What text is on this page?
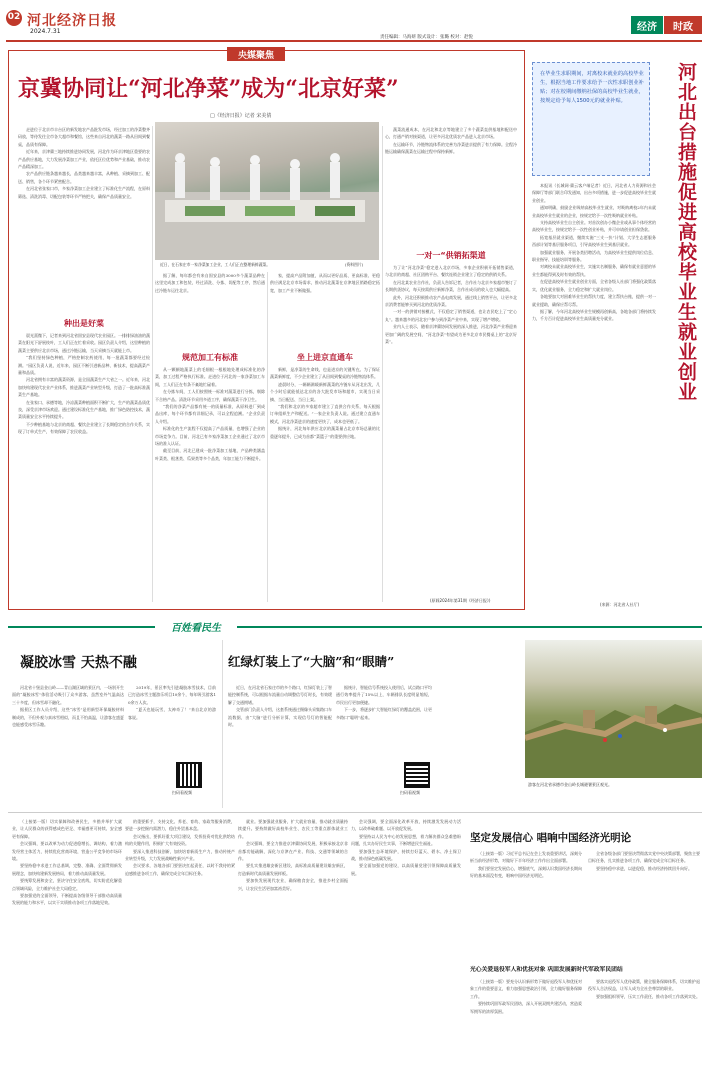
02 河北经济日报
2024.7.31
责任编辑：马海妍 版式设计：张璐 校对：赵悦
经济	时政
央媒聚焦
京冀协同让“河北净菜”成为“北京好菜”
□《经济日报》记者 宋美倩
近日，在石家庄市一家净菜加工企业，工人们正在整理新鲜蔬菜。	(资料图片)

走进位于北京市丰台区的新发地农产品批发市场，经过加工的净菜整齐码放，等待发往全市各大超市和餐馆，这些来自河北的蔬菜一路从田间到餐桌，品质有保障。

近年来，京津冀三地持续推进协同发展，河北作为环京津地区重要的农产品供应基地，大力发展净菜加工产业，依托区位优势和产业基础，推动农产品精深加工。

农产品供应链条越来越长，品类越来越丰富，从种植、采摘到加工、配送、销售，各个环节紧密配合。

在河北省张家口市，多家净菜加工企业建立了标准化生产流程，在原料筛选、清洗消毒、切配包装等环节严格把关，确保产品质量安全。

种出是好菜

晨光熹微下，记者来到河北省固安县现代农业园区。一排排绿油油的蔬菜在阳光下舒展枝叶，工人们正在忙着采收。园区负责人介绍，这里种植的蔬菜主要供应北京市场，通过冷链运输，当天采摘当天就能上市。

“我们坚持绿色种植，严格控制农药使用，每一批蔬菜都要经过检测。”园区负责人说，近年来，园区不断引进新品种、新技术，提高蔬菜产量和品质。

河北省拥有丰富的蔬菜资源，是全国蔬菜生产大省之一。近年来，河北加快构建现代农业产业体系，推进蔬菜产业转型升级，打造了一批高标准蔬菜生产基地。

在张家口、承德等地，冷凉蔬菜种植面积不断扩大，生产的蔬菜品质优良，深受京津市场欢迎。通过建设标准化生产基地，推广绿色防控技术，蔬菜质量安全水平持续提升。

不少种植基地与北京的商超、餐饮企业建立了长期稳定的合作关系，实现了订单式生产，有效保障了农民收益。

据了解，每年都会有来自固安县的3000多个蔬菜品种在这里完成加工和包装，经过清洗、分拣、切配等工序，然后通过冷链车运往北京。

规范加工有标准

从一颗颠地蔬菜上的毛细根一根根地处理成标准化的净菜，加工过程严格执行标准。走进位于河北的一家净菜加工车间，工人们正在有条不紊地忙碌着。

在分拣车间，工人们按照统一标准对蔬菜进行分拣，剔除不合格产品。清洗环节采用多道工序，确保蔬菜干净卫生。

“我们的净菜产品都有统一的质量标准，从原料进厂到成品出库，每个环节都有详细记录，可以全程追溯。”企业负责人介绍。

标准化的生产流程不仅提高了产品质量，也增强了企业的市场竞争力。目前，河北已有多家净菜加工企业通过了北京市场的准入认证。

截至目前，河北已建成一批净菜加工基地，产品种类涵盖叶菜类、根茎类、瓜果类等多个品类，年加工能力不断提升。

家，提高产品附加值，从而以更好品质、更高标准、更稳供应满足北京市场需求，推动河北蔬菜在京津地区销路稳定拓宽，加工产业不断做强。

坐上进京直通车

新鲜，是净菜的生命线，也是进京的关键所在。为了保证蔬菜新鲜度，不少企业建立了从田间到餐桌的冷链物流体系。

凌晨时分，一辆辆满载新鲜蔬菜的冷链车从河北出发，几个小时后就能抵达北京的各大批发市场和超市，实现当日采摘、当日配送、当日上架。

“我们和北京的多家超市建立了直供合作关系，每天根据订单组织生产和配送。”一家企业负责人说。通过建立直通车模式，河北净菜进京的速度更快了，成本也更低了。

据统计，河北每年供应北京的蔬菜量占北京市场总量的比重逐年提升，已成为首都“菜篮子”的重要供应地。

蔬菜流通成本，在河北和北京等地建立了多个蔬菜直供基地和配送中心，打通产销对接渠道，让更多河北优质农产品进入北京市场。

在运输环节，冷链物流体系的完善为净菜进京提供了有力保障。全程冷链运输确保蔬菜在运输过程中保持新鲜。

一对一“供销拓渠道

为了让“河北净菜”稳定进入北京市场，多家企业积极开拓销售渠道，与北京的商超、社区团购平台、餐饮连锁企业建立了稳定的供销关系。

在河北某农业合作社，负责人告诉记者，合作社与北京多家超市签订了长期供货协议，每天按需供应新鲜净菜，合作社成员的收入也大幅提高。

此外，河北还积极推动农产品电商发展，通过线上销售平台，让更多北京消费者能够买到河北的优质净菜。

一对一的供销对接模式，不仅稳定了销售渠道，也让农民吃上了“定心丸”。越来越多的河北农户参与到净菜产业中来，实现了增产增收。

业内人士表示，随着京津冀协同发展的深入推进，河北净菜产业将迎来更加广阔的发展空间，“河北净菜”有望成为更多北京市民餐桌上的“北京好菜”。

(原载2024年第31期《经济日报》)
在毕业生求职期间，对离校未就业的高校毕业生，根据当地工作要求给予一次性求职创业补贴；对在校期间缴纳社保的高校毕业生就业，按规定给予每人1500元的就业补贴。	河北出台措施促进高校毕业生就业创业

本报讯（长城网·冀云客户端记者）近日，河北省人力资源和社会保障厅等部门联合印发通知，出台多项措施，进一步促进高校毕业生就业创业。

通知明确，鼓励企业吸纳高校毕业生就业，对吸纳离校2年内未就业高校毕业生就业的企业，按规定给予一次性吸纳就业补贴。

支持高校毕业生自主创业。对首次创办小微企业或从事个体经营的高校毕业生，按规定给予一次性创业补贴，并可申请创业担保贷款。

拓宽基层就业渠道，继续实施“三支一扶”计划、大学生志愿服务西部计划等基层服务项目，引导高校毕业生到基层就业。

加强就业服务，开展各类招聘活动，为高校毕业生提供岗位信息、职业指导、技能培训等服务。

对离校未就业高校毕业生，实施实名制服务，确保有就业意愿的毕业生都能得到及时有效的帮扶。

在促进高校毕业生就业创业方面，全省各级人社部门将强化政策落实，优化就业服务，全力稳定和扩大就业岗位。

各地要加大对困难毕业生的帮扶力度，建立帮扶台账，提供一对一就业援助，确保应帮尽帮。

据了解，今年河北高校毕业生规模再创新高，各地各部门将持续发力，千方百计促进高校毕业生高质量充分就业。

(来源：河北省人社厅)
百姓看民生
凝胶冰雪 天热不融

河北省十堡县金山岭——青山湖区域的景区内，一场别开生面的“凝胶冰雪”体验活动吸引了众多游客，虽然室外气温高达三十多度，但冰雪却不融化。

据景区工作人员介绍，这些“冰雪”是用新型环保凝胶材料制成的，不但外观与真冰雪相似，而且不怕高温，让游客在盛夏也能感受冰雪乐趣。

2019年，景区率先引进凝胶冰雪技术，目前已打造冰雪主题游乐项目10余个，每年吸引游客10余万人次。

“夏天也能玩雪，太神奇了！”来自北京的游客说。

扫码看视频
红绿灯装上了“大脑”和“眼睛”

近日，在河北省石家庄市的多个路口，红绿灯装上了智能控制系统，可以根据车流量自动调整信号灯时长，有效缓解了交通拥堵。

交管部门负责人介绍，这套系统通过摄像头采集路口车流数据，由“大脑”进行分析计算，实现信号灯的智能配时。

据统计，智能信号系统投入使用后，试点路口平均通行效率提升了15%以上，车辆排队长度明显缩短，市民出行更加便捷。

下一步，将逐步扩大智能红绿灯的覆盖范围，让更多路口“聪明”起来。

扫码看视频
游客在河北省承德市金山岭长城避暑景区观光。

（上接第一版）切实保障和改善民生，多措并举扩大就业，让人民群众的获得感成色更足、幸福感更可持续、安全感更有保障。

会议强调，要以改革为动力促进稳增长、调结构，着力激发经营主体活力，持续优化营商环境，营造公平竞争的市场环境。

要坚持稳中求进工作总基调，完整、准确、全面贯彻新发展理念，加快构建新发展格局，着力推动高质量发展。

要统筹发展和安全，坚决守住安全底线，切实防范化解重点领域风险，全力维护社会大局稳定。

要加强党的全面领导，不断提高各级领导干部推动高质量发展的能力和水平，以实干实绩推动各项工作落地见效。

的重要抓手，支持文化、养老、育幼、家政等服务消费，要进一步挖掘内需潜力，稳住外贸基本盘。

会议指出，要抓好重大项目建设，发挥投资对优化供给结构的关键作用，积极扩大有效投资。

要深入推进科技创新，加快培育新质生产力，推动传统产业转型升级，大力发展战略性新兴产业。

会议要求，各地各部门要坚决扛起责任，以时不我待的紧迫感推进各项工作，确保完成全年目标任务。

就业。要加强就业服务，扩大就业容量，推动就业质量持续提升。要持续做好高校毕业生、农民工等重点群体就业工作。

会议强调，要全力推进京津冀协同发展，积极承接北京非首都功能疏解，深化与京津在产业、科技、交通等领域的合作。

要扎实推进雄安新区建设，高标准高质量建设雄安新区，打造新时代高质量发展样板。

要加快发展现代农业，确保粮食安全，推进乡村全面振兴，让农民生活更加富裕美好。

会议强调，要全面深化改革开放，持续激发发展动力活力，以改革破难题、以开放促发展。

要坚持以人民为中心的发展思想，着力解决群众急难愁盼问题，扎实办好民生实事，不断增进民生福祉。

要加强生态环境保护，持续打好蓝天、碧水、净土保卫战，推动绿色低碳发展。

要全面加强党的建设，以高质量党建引领保障高质量发展。

坚定发展信心 唱响中国经济光明论

（上接第一版）习近平总书记在会上发表重要讲话，深刻分析当前经济形势，对做好下半年经济工作作出全面部署。

我们要坚定发展信心，增强底气，深刻认识我国经济长期向好的基本面没有变，唱响中国经济光明论。

全省各级各部门要坚决贯彻落实党中央决策部署，聚焦主要目标任务，扎实推进各项工作，确保完成全年目标任务。

要坚持稳中求进，以进促稳，推动经济持续回升向好。

光心关爱退役军人和优抚对象 巩固发展新时代军政军民团结

（上接第一版）要充分认识新形势下做好退役军人和优抚对象工作的重要意义，着力加强思想政治引领，全力做好服务保障工作。

要持续巩固军政军民团结，深入开展双拥共建活动，营造爱军拥军的浓厚氛围。

要落实退役军人优待政策，健全服务保障体系，切实维护退役军人合法权益，让军人成为全社会尊崇的职业。

要加强组织领导，压实工作责任，推动各项工作落到实处。
